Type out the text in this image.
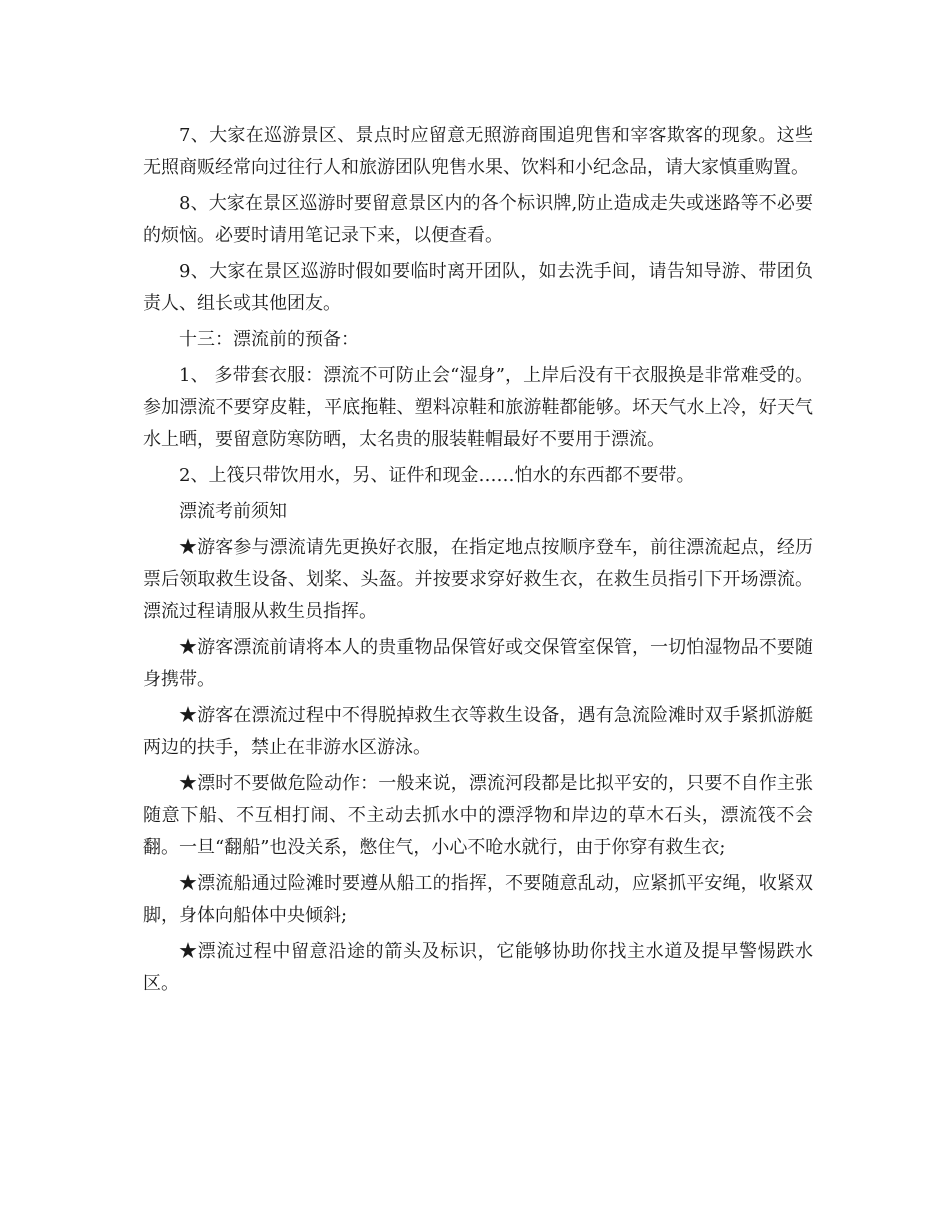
7、大家在巡游景区、景点时应留意无照游商围追兜售和宰客欺客的现象。这些无照商贩经常向过往行人和旅游团队兜售水果、饮料和小纪念品，请大家慎重购置。

8、大家在景区巡游时要留意景区内的各个标识牌,防止造成走失或迷路等不必要的烦恼。必要时请用笔记录下来，以便查看。

9、大家在景区巡游时假如要临时离开团队，如去洗手间，请告知导游、带团负责人、组长或其他团友。

十三：漂流前的预备：

1、 多带套衣服：漂流不可防止会“湿身”，上岸后没有干衣服换是非常难受的。参加漂流不要穿皮鞋，平底拖鞋、塑料凉鞋和旅游鞋都能够。坏天气水上冷，好天气水上晒，要留意防寒防晒，太名贵的服装鞋帽最好不要用于漂流。

2、上筏只带饮用水，另、证件和现金……怕水的东西都不要带。

漂流考前须知

★游客参与漂流请先更换好衣服，在指定地点按顺序登车，前往漂流起点，经历票后领取救生设备、划桨、头盔。并按要求穿好救生衣，在救生员指引下开场漂流。漂流过程请服从救生员指挥。

★游客漂流前请将本人的贵重物品保管好或交保管室保管，一切怕湿物品不要随身携带。

★游客在漂流过程中不得脱掉救生衣等救生设备，遇有急流险滩时双手紧抓游艇两边的扶手，禁止在非游水区游泳。

★漂时不要做危险动作：一般来说，漂流河段都是比拟平安的，只要不自作主张随意下船、不互相打闹、不主动去抓水中的漂浮物和岸边的草木石头，漂流筏不会翻。一旦“翻船”也没关系，憋住气，小心不呛水就行，由于你穿有救生衣;

★漂流船通过险滩时要遵从船工的指挥，不要随意乱动，应紧抓平安绳，收紧双脚，身体向船体中央倾斜;

★漂流过程中留意沿途的箭头及标识，它能够协助你找主水道及提早警惕跌水区。
